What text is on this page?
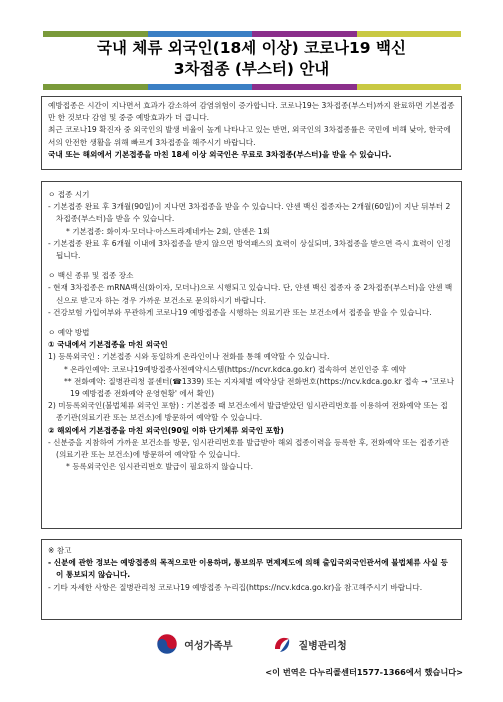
국내 체류 외국인(18세 이상) 코로나19 백신
3차접종 (부스터) 안내
예방접종은 시간이 지나면서 효과가 감소하여 감염위험이 증가합니다. 코로나19는 3차접종(부스터)까지 완료하면 기본접종만 한 것보다 감염 및 중증 예방효과가 더 큽니다.
최근 코로나19 확진자 중 외국인의 발생 비율이 높게 나타나고 있는 반면, 외국인의 3차접종률은 국민에 비해 낮아, 한국에서의 안전한 생활을 위해 빠르게 3차접종을 해주시기 바랍니다.
국내 또는 해외에서 기본접종을 마친 18세 이상 외국인은 무료로 3차접종(부스터)을 받을 수 있습니다.
ㅇ 접종 시기
- 기본접종 완료 후 3개월(90일)이 지나면 3차접종을 받을 수 있습니다. 얀센 백신 접종자는 2개월(60일)이 지난 뒤부터 2차접종(부스터)을 받을 수 있습니다.
* 기본접종: 화이자·모더나·아스트라제네카는 2회, 얀센은 1회
- 기본접종 완료 후 6개월 이내에 3차접종을 받지 않으면 방역패스의 효력이 상실되며, 3차접종을 받으면 즉시 효력이 인정됩니다.
ㅇ 백신 종류 및 접종 장소
- 현재 3차접종은 mRNA백신(화이자, 모더나)으로 시행되고 있습니다. 단, 얀센 백신 접종자 중 2차접종(부스터)을 얀센 백신으로 받고자 하는 경우 가까운 보건소로 문의하시기 바랍니다.
- 건강보험 가입여부와 무관하게 코로나19 예방접종을 시행하는 의료기관 또는 보건소에서 접종을 받을 수 있습니다.
ㅇ 예약 방법
① 국내에서 기본접종을 마친 외국인
1) 등록외국인 : 기본접종 시와 동일하게 온라인이나 전화를 통해 예약할 수 있습니다.
* 온라인예약: 코로나19예방접종사전예약시스템(https://ncvr.kdca.go.kr) 접속하여 본인인증 후 예약
** 전화예약: 질병관리청 콜센터(☎1339) 또는 지자체별 예약상담 전화번호(https://ncv.kdca.go.kr 접속 → '코로나19 예방접종 전화예약 운영현황' 에서 확인)
2) 미등록외국인(불법체류 외국인 포함) : 기본접종 때 보건소에서 발급받았던 임시관리번호를 이용하여 전화예약 또는 접종기관(의료기관 또는 보건소)에 방문하여 예약할 수 있습니다.
② 해외에서 기본접종을 마친 외국인(90일 이하 단기체류 외국인 포함)
- 신분증을 지참하여 가까운 보건소를 방문, 임시관리번호를 발급받아 해외 접종이력을 등록한 후, 전화예약 또는 접종기관(의료기관 또는 보건소)에 방문하여 예약할 수 있습니다.
* 등록외국인은 임시관리번호 발급이 필요하지 않습니다.
※ 참고
- 신분에 관한 정보는 예방접종의 목적으로만 이용하며, 통보의무 면제제도에 의해 출입국외국인관서에 불법체류 사실 등이 통보되지 않습니다.
- 기타 자세한 사항은 질병관리청 코로나19 예방접종 누리집(https://ncv.kdca.go.kr)을 참고해주시기 바랍니다.
여성가족부	질병관리청
<이 번역은 다누리콜센터1577-1366에서 했습니다>
